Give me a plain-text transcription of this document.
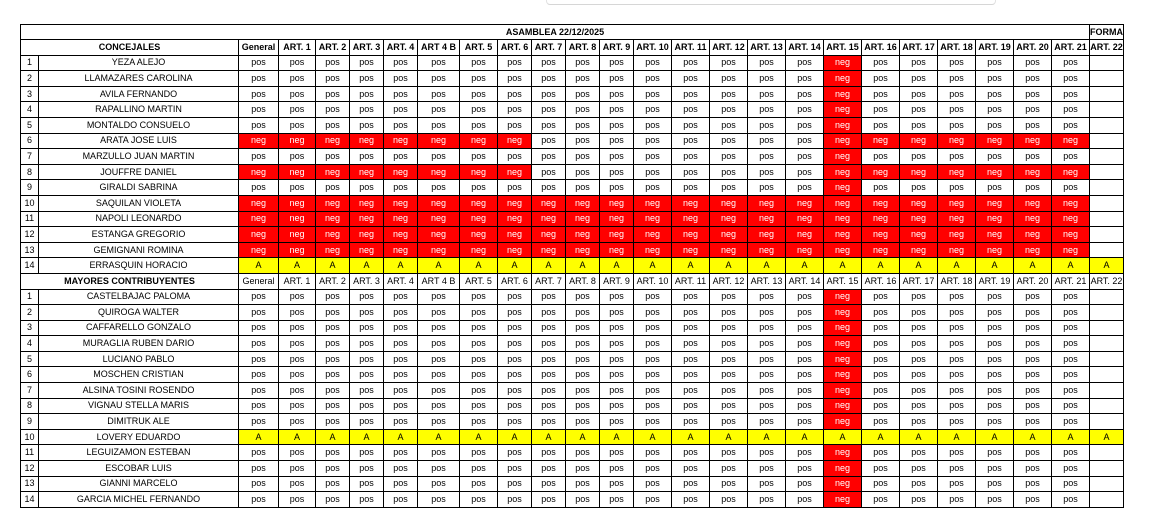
ASAMBLEA 22/12/2025																									FORMA
CONCEJALES		General	ART. 1	ART. 2	ART. 3	ART. 4	ART 4 B	ART. 5	ART. 6	ART. 7	ART. 8	ART. 9	ART. 10	ART. 11	ART. 12	ART. 13	ART. 14	ART. 15	ART. 16	ART. 17	ART. 18	ART. 19	ART. 20	ART. 21	ART. 22
1	YEZA ALEJO	pos	pos	pos	pos	pos	pos	pos	pos	pos	pos	pos	pos	pos	pos	pos	pos	neg	pos	pos	pos	pos	pos	pos	
2	LLAMAZARES CAROLINA	pos	pos	pos	pos	pos	pos	pos	pos	pos	pos	pos	pos	pos	pos	pos	pos	neg	pos	pos	pos	pos	pos	pos	
3	AVILA FERNANDO	pos	pos	pos	pos	pos	pos	pos	pos	pos	pos	pos	pos	pos	pos	pos	pos	neg	pos	pos	pos	pos	pos	pos	
4	RAPALLINO MARTIN	pos	pos	pos	pos	pos	pos	pos	pos	pos	pos	pos	pos	pos	pos	pos	pos	neg	pos	pos	pos	pos	pos	pos	
5	MONTALDO CONSUELO	pos	pos	pos	pos	pos	pos	pos	pos	pos	pos	pos	pos	pos	pos	pos	pos	neg	pos	pos	pos	pos	pos	pos	
6	ARATA JOSE LUIS	neg	neg	neg	neg	neg	neg	neg	neg	pos	pos	pos	pos	pos	pos	pos	pos	neg	neg	neg	neg	neg	neg	neg	
7	MARZULLO JUAN MARTIN	pos	pos	pos	pos	pos	pos	pos	pos	pos	pos	pos	pos	pos	pos	pos	pos	neg	pos	pos	pos	pos	pos	pos	
8	JOUFFRE DANIEL	neg	neg	neg	neg	neg	neg	neg	neg	pos	pos	pos	pos	pos	pos	pos	pos	neg	neg	neg	neg	neg	neg	neg	
9	GIRALDI SABRINA	pos	pos	pos	pos	pos	pos	pos	pos	pos	pos	pos	pos	pos	pos	pos	pos	neg	pos	pos	pos	pos	pos	pos	
10	SAQUILAN VIOLETA	neg	neg	neg	neg	neg	neg	neg	neg	neg	neg	neg	neg	neg	neg	neg	neg	neg	neg	neg	neg	neg	neg	neg	
11	NAPOLI LEONARDO	neg	neg	neg	neg	neg	neg	neg	neg	neg	neg	neg	neg	neg	neg	neg	neg	neg	neg	neg	neg	neg	neg	neg	
12	ESTANGA GREGORIO	neg	neg	neg	neg	neg	neg	neg	neg	neg	neg	neg	neg	neg	neg	neg	neg	neg	neg	neg	neg	neg	neg	neg	
13	GEMIGNANI ROMINA	neg	neg	neg	neg	neg	neg	neg	neg	neg	neg	neg	neg	neg	neg	neg	neg	neg	neg	neg	neg	neg	neg	neg	
14	ERRASQUIN HORACIO	A	A	A	A	A	A	A	A	A	A	A	A	A	A	A	A	A	A	A	A	A	A	A	A
MAYORES CONTRIBUYENTES		General	ART. 1	ART. 2	ART. 3	ART. 4	ART 4 B	ART. 5	ART. 6	ART. 7	ART. 8	ART. 9	ART. 10	ART. 11	ART. 12	ART. 13	ART. 14	ART. 15	ART. 16	ART. 17	ART. 18	ART. 19	ART. 20	ART. 21	ART. 22
1	CASTELBAJAC PALOMA	pos	pos	pos	pos	pos	pos	pos	pos	pos	pos	pos	pos	pos	pos	pos	pos	neg	pos	pos	pos	pos	pos	pos	
2	QUIROGA WALTER	pos	pos	pos	pos	pos	pos	pos	pos	pos	pos	pos	pos	pos	pos	pos	pos	neg	pos	pos	pos	pos	pos	pos	
3	CAFFARELLO GONZALO	pos	pos	pos	pos	pos	pos	pos	pos	pos	pos	pos	pos	pos	pos	pos	pos	neg	pos	pos	pos	pos	pos	pos	
4	MURAGLIA RUBEN DARIO	pos	pos	pos	pos	pos	pos	pos	pos	pos	pos	pos	pos	pos	pos	pos	pos	neg	pos	pos	pos	pos	pos	pos	
5	LUCIANO PABLO	pos	pos	pos	pos	pos	pos	pos	pos	pos	pos	pos	pos	pos	pos	pos	pos	neg	pos	pos	pos	pos	pos	pos	
6	MOSCHEN CRISTIAN	pos	pos	pos	pos	pos	pos	pos	pos	pos	pos	pos	pos	pos	pos	pos	pos	neg	pos	pos	pos	pos	pos	pos	
7	ALSINA TOSINI ROSENDO	pos	pos	pos	pos	pos	pos	pos	pos	pos	pos	pos	pos	pos	pos	pos	pos	neg	pos	pos	pos	pos	pos	pos	
8	VIGNAU STELLA MARIS	pos	pos	pos	pos	pos	pos	pos	pos	pos	pos	pos	pos	pos	pos	pos	pos	neg	pos	pos	pos	pos	pos	pos	
9	DIMITRUK ALE	pos	pos	pos	pos	pos	pos	pos	pos	pos	pos	pos	pos	pos	pos	pos	pos	neg	pos	pos	pos	pos	pos	pos	
10	LOVERY EDUARDO	A	A	A	A	A	A	A	A	A	A	A	A	A	A	A	A	A	A	A	A	A	A	A	A
11	LEGUIZAMON ESTEBAN	pos	pos	pos	pos	pos	pos	pos	pos	pos	pos	pos	pos	pos	pos	pos	pos	neg	pos	pos	pos	pos	pos	pos	
12	ESCOBAR LUIS	pos	pos	pos	pos	pos	pos	pos	pos	pos	pos	pos	pos	pos	pos	pos	pos	neg	pos	pos	pos	pos	pos	pos	
13	GIANNI MARCELO	pos	pos	pos	pos	pos	pos	pos	pos	pos	pos	pos	pos	pos	pos	pos	pos	neg	pos	pos	pos	pos	pos	pos	
14	GARCIA MICHEL FERNANDO	pos	pos	pos	pos	pos	pos	pos	pos	pos	pos	pos	pos	pos	pos	pos	pos	neg	pos	pos	pos	pos	pos	pos	
